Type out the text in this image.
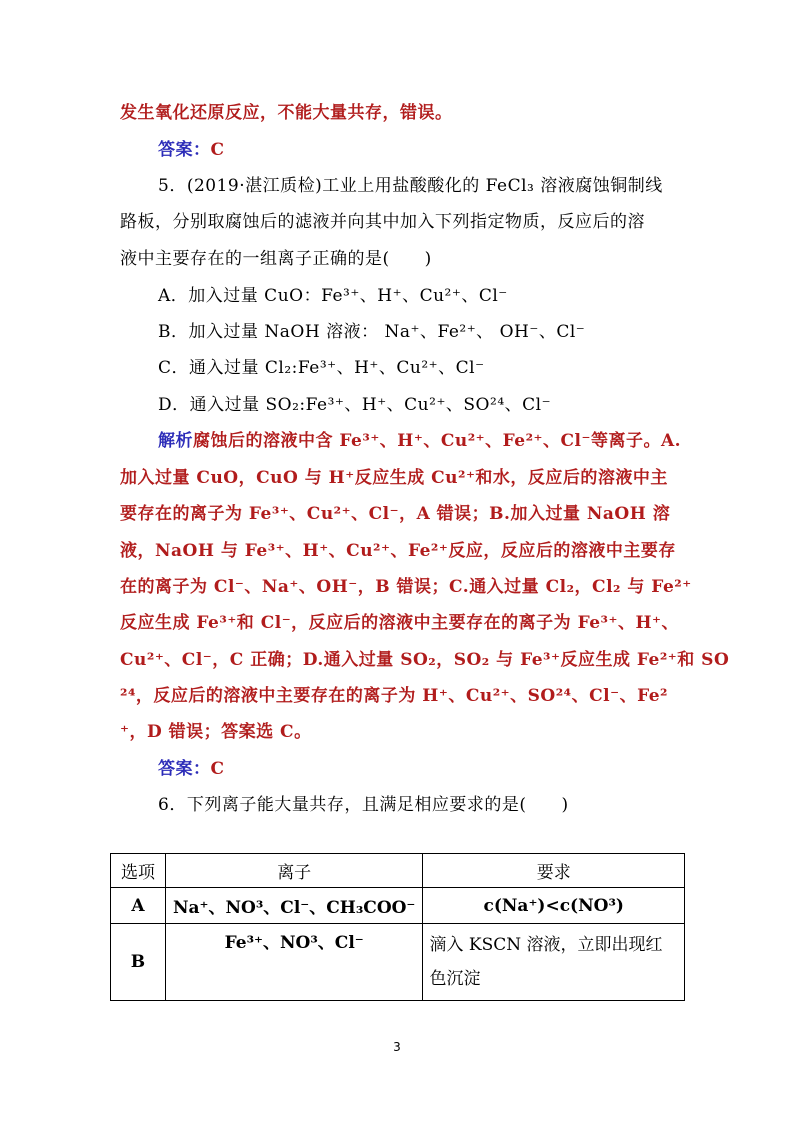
发生氧化还原反应，不能大量共存，错误。
答案：C
5．(2019·湛江质检)工业上用盐酸酸化的 FeCl₃ 溶液腐蚀铜制线
路板，分别取腐蚀后的滤液并向其中加入下列指定物质，反应后的溶
液中主要存在的一组离子正确的是(　　)
A．加入过量 CuO：Fe³⁺、H⁺、Cu²⁺、Cl⁻
B．加入过量 NaOH 溶液： Na⁺、Fe²⁺、 OH⁻、Cl⁻
C．通入过量 Cl₂:Fe³⁺、H⁺、Cu²⁺、Cl⁻
D．通入过量 SO₂:Fe³⁺、H⁺、Cu²⁺、SO²⁴、Cl⁻
解析腐蚀后的溶液中含 Fe³⁺、H⁺、Cu²⁺、Fe²⁺、Cl⁻等离子。A.
加入过量 CuO，CuO 与 H⁺反应生成 Cu²⁺和水，反应后的溶液中主
要存在的离子为 Fe³⁺、Cu²⁺、Cl⁻，A 错误；B.加入过量 NaOH 溶
液，NaOH 与 Fe³⁺、H⁺、Cu²⁺、Fe²⁺反应，反应后的溶液中主要存
在的离子为 Cl⁻、Na⁺、OH⁻，B 错误；C.通入过量 Cl₂，Cl₂ 与 Fe²⁺
反应生成 Fe³⁺和 Cl⁻，反应后的溶液中主要存在的离子为 Fe³⁺、H⁺、
Cu²⁺、Cl⁻，C 正确；D.通入过量 SO₂，SO₂ 与 Fe³⁺反应生成 Fe²⁺和 SO
²⁴，反应后的溶液中主要存在的离子为 H⁺、Cu²⁺、SO²⁴、Cl⁻、Fe²
⁺，D 错误；答案选 C。
答案：C
6．下列离子能大量共存，且满足相应要求的是(　　)
选项	离子	要求
A	Na⁺、NO³、Cl⁻、CH₃COO⁻	c(Na⁺)<c(NO³)
B	Fe³⁺、NO³、Cl⁻	滴入 KSCN 溶液，立即出现红色沉淀
3
